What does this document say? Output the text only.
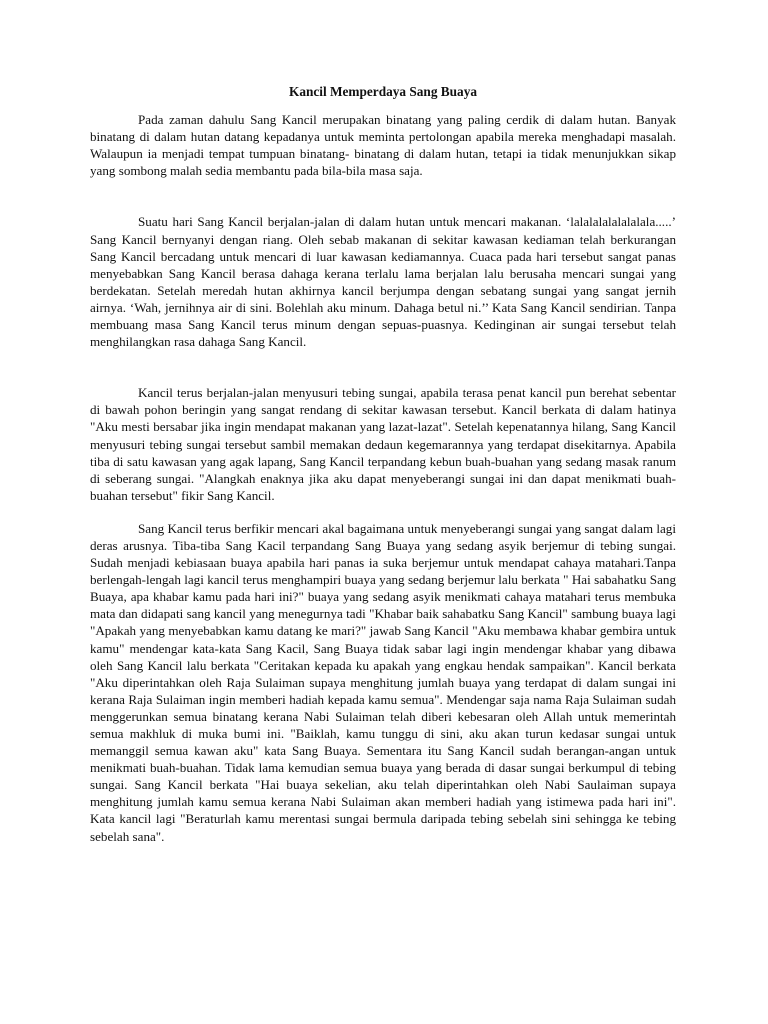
Kancil Memperdaya Sang Buaya

Pada zaman dahulu Sang Kancil merupakan binatang yang paling cerdik di dalam hutan. Banyak binatang di dalam hutan datang kepadanya untuk meminta pertolongan apabila mereka menghadapi masalah. Walaupun ia menjadi tempat tumpuan binatang- binatang di dalam hutan, tetapi ia tidak menunjukkan sikap yang sombong malah sedia membantu pada bila-bila masa saja.

Suatu hari Sang Kancil berjalan-jalan di dalam hutan untuk mencari makanan. ‘lalalalalalalalala.....’ Sang Kancil bernyanyi dengan riang. Oleh sebab makanan di sekitar kawasan kediaman telah berkurangan Sang Kancil bercadang untuk mencari di luar kawasan kediamannya. Cuaca pada hari tersebut sangat panas menyebabkan Sang Kancil berasa dahaga kerana terlalu lama berjalan lalu berusaha mencari sungai yang berdekatan. Setelah meredah hutan akhirnya kancil berjumpa dengan sebatang sungai yang sangat jernih airnya. ‘Wah, jernihnya air di sini. Bolehlah aku minum. Dahaga betul ni.’’ Kata Sang Kancil sendirian. Tanpa membuang masa Sang Kancil terus minum dengan sepuas-puasnya. Kedinginan air sungai tersebut telah menghilangkan rasa dahaga Sang Kancil.

Kancil terus berjalan-jalan menyusuri tebing sungai, apabila terasa penat kancil pun berehat sebentar di bawah pohon beringin yang sangat rendang di sekitar kawasan tersebut. Kancil berkata di dalam hatinya "Aku mesti bersabar jika ingin mendapat makanan yang lazat-lazat". Setelah kepenatannya hilang, Sang Kancil menyusuri tebing sungai tersebut sambil memakan dedaun kegemarannya yang terdapat disekitarnya. Apabila tiba di satu kawasan yang agak lapang, Sang Kancil terpandang kebun buah-buahan yang sedang masak ranum di seberang sungai. "Alangkah enaknya jika aku dapat menyeberangi sungai ini dan dapat menikmati buah-buahan tersebut" fikir Sang Kancil.

Sang Kancil terus berfikir mencari akal bagaimana untuk menyeberangi sungai yang sangat dalam lagi deras arusnya. Tiba-tiba Sang Kacil terpandang Sang Buaya yang sedang asyik berjemur di tebing sungai. Sudah menjadi kebiasaan buaya apabila hari panas ia suka berjemur untuk mendapat cahaya matahari.Tanpa berlengah-lengah lagi kancil terus menghampiri buaya yang sedang berjemur lalu berkata " Hai sabahatku Sang Buaya, apa khabar kamu pada hari ini?" buaya yang sedang asyik menikmati cahaya matahari terus membuka mata dan didapati sang kancil yang menegurnya tadi "Khabar baik sahabatku Sang Kancil" sambung buaya lagi "Apakah yang menyebabkan kamu datang ke mari?" jawab Sang Kancil "Aku membawa khabar gembira untuk kamu" mendengar kata-kata Sang Kacil, Sang Buaya tidak sabar lagi ingin mendengar khabar yang dibawa oleh Sang Kancil lalu berkata "Ceritakan kepada ku apakah yang engkau hendak sampaikan". Kancil berkata "Aku diperintahkan oleh Raja Sulaiman supaya menghitung jumlah buaya yang terdapat di dalam sungai ini kerana Raja Sulaiman ingin memberi hadiah kepada kamu semua". Mendengar saja nama Raja Sulaiman sudah menggerunkan semua binatang kerana Nabi Sulaiman telah diberi kebesaran oleh Allah untuk memerintah semua makhluk di muka bumi ini. "Baiklah, kamu tunggu di sini, aku akan turun kedasar sungai untuk memanggil semua kawan aku" kata Sang Buaya. Sementara itu Sang Kancil sudah berangan-angan untuk menikmati buah-buahan. Tidak lama kemudian semua buaya yang berada di dasar sungai berkumpul di tebing sungai. Sang Kancil berkata "Hai buaya sekelian, aku telah diperintahkan oleh Nabi Saulaiman supaya menghitung jumlah kamu semua kerana Nabi Sulaiman akan memberi hadiah yang istimewa pada hari ini". Kata kancil lagi "Beraturlah kamu merentasi sungai bermula daripada tebing sebelah sini sehingga ke tebing sebelah sana".
